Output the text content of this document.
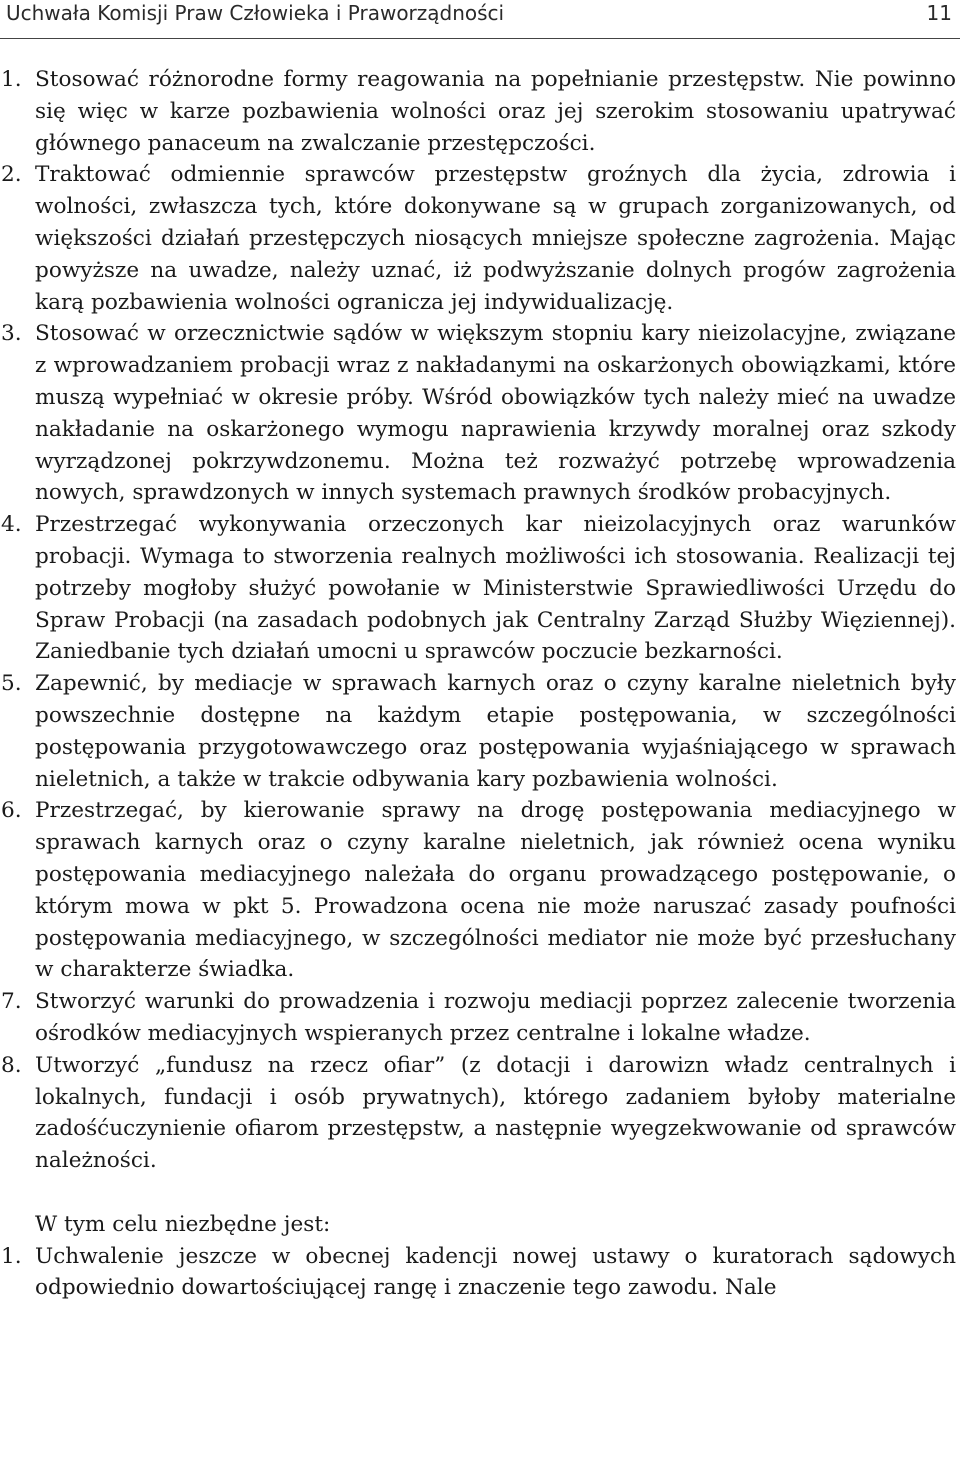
Uchwała Komisji Praw Człowieka i Praworządności	11
1. Stosować różnorodne formy reagowania na popełnianie przestępstw. Nie powinno się więc w karze pozbawienia wolności oraz jej szerokim stosowaniu upatrywać głównego panaceum na zwalczanie przestępczości.
2. Traktować odmiennie sprawców przestępstw groźnych dla życia, zdrowia i wolności, zwłaszcza tych, które dokonywane są w grupach zorganizowanych, od większości działań przestępczych niosących mniejsze społeczne zagrożenia. Mając powyższe na uwadze, należy uznać, iż podwyższanie dolnych progów zagrożenia karą pozbawienia wolności ogranicza jej indywidualizację.
3. Stosować w orzecznictwie sądów w większym stopniu kary nieizolacyjne, związane z wprowadzaniem probacji wraz z nakładanymi na oskarżonych obowiązkami, które muszą wypełniać w okresie próby. Wśród obowiązków tych należy mieć na uwadze nakładanie na oskarżonego wymogu naprawienia krzywdy moralnej oraz szkody wyrządzonej pokrzywdzonemu. Można też rozważyć potrzebę wprowadzenia nowych, sprawdzonych w innych systemach prawnych środków probacyjnych.
4. Przestrzegać wykonywania orzeczonych kar nieizolacyjnych oraz warunków probacji. Wymaga to stworzenia realnych możliwości ich stosowania. Realizacji tej potrzeby mogłoby służyć powołanie w Ministerstwie Sprawiedliwości Urzędu do Spraw Probacji (na zasadach podobnych jak Centralny Zarząd Służby Więziennej). Zaniedbanie tych działań umocni u sprawców poczucie bezkarności.
5. Zapewnić, by mediacje w sprawach karnych oraz o czyny karalne nieletnich były powszechnie dostępne na każdym etapie postępowania, w szczególności postępowania przygotowawczego oraz postępowania wyjaśniającego w sprawach nieletnich, a także w trakcie odbywania kary pozbawienia wolności.
6. Przestrzegać, by kierowanie sprawy na drogę postępowania mediacyjnego w sprawach karnych oraz o czyny karalne nieletnich, jak również ocena wyniku postępowania mediacyjnego należała do organu prowadzącego postępowanie, o którym mowa w pkt 5. Prowadzona ocena nie może naruszać zasady poufności postępowania mediacyjnego, w szczególności mediator nie może być przesłuchany w charakterze świadka.
7. Stworzyć warunki do prowadzenia i rozwoju mediacji poprzez zalecenie tworzenia ośrodków mediacyjnych wspieranych przez centralne i lokalne władze.
8. Utworzyć „fundusz na rzecz ofiar” (z dotacji i darowizn władz centralnych i lokalnych, fundacji i osób prywatnych), którego zadaniem byłoby materialne zadośćuczynienie ofiarom przestępstw, a następnie wyegzekwowanie od sprawców należności.
W tym celu niezbędne jest:
1. Uchwalenie jeszcze w obecnej kadencji nowej ustawy o kuratorach sądowych odpowiednio dowartościującej rangę i znaczenie tego zawodu. Nale
